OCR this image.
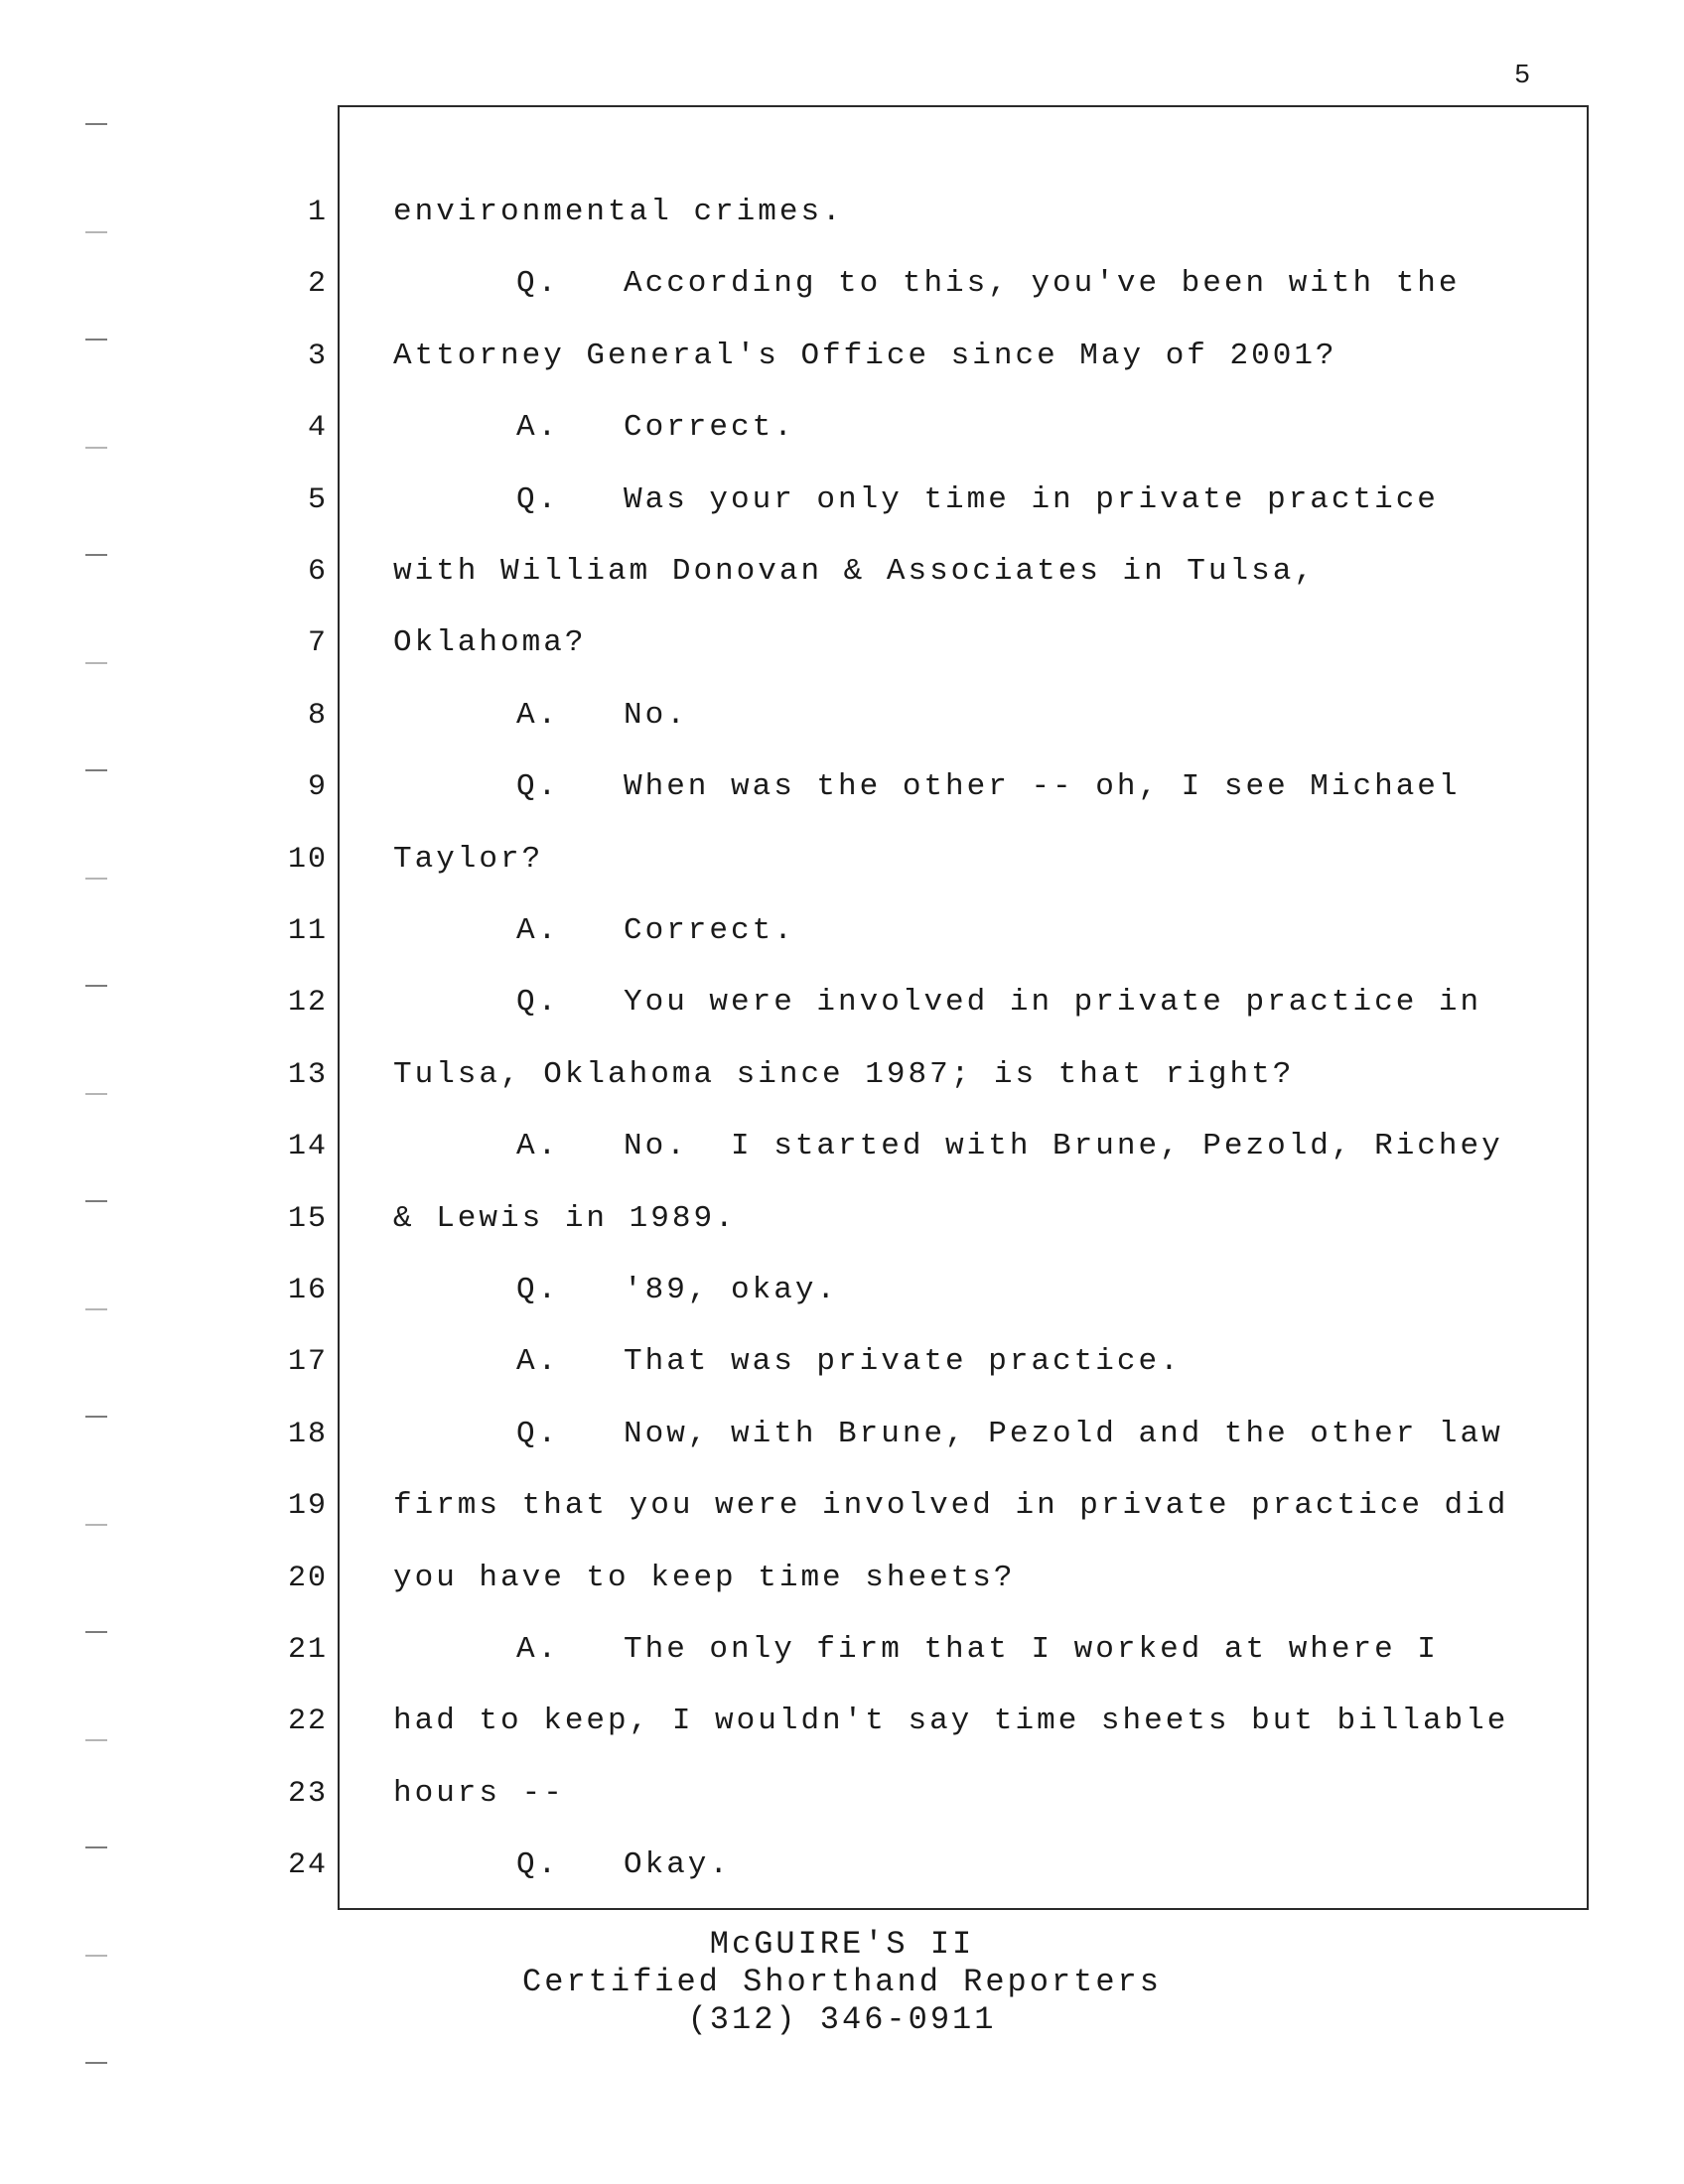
5
1 environmental crimes.
2	Q. According to this, you've been with the
3 Attorney General's Office since May of 2001?
4	A. Correct.
5	Q. Was your only time in private practice
6 with William Donovan & Associates in Tulsa,
7 Oklahoma?
8	A. No.
9	Q. When was the other -- oh, I see Michael
10 Taylor?
11	A. Correct.
12	Q. You were involved in private practice in
13 Tulsa, Oklahoma since 1987; is that right?
14	A. No.  I started with Brune, Pezold, Richey
15 & Lewis in 1989.
16	Q. '89, okay.
17	A. That was private practice.
18	Q. Now, with Brune, Pezold and the other law
19 firms that you were involved in private practice did
20 you have to keep time sheets?
21	A. The only firm that I worked at where I
22 had to keep, I wouldn't say time sheets but billable
23 hours --
24	Q. Okay.
McGUIRE'S II
Certified Shorthand Reporters
(312) 346-0911
